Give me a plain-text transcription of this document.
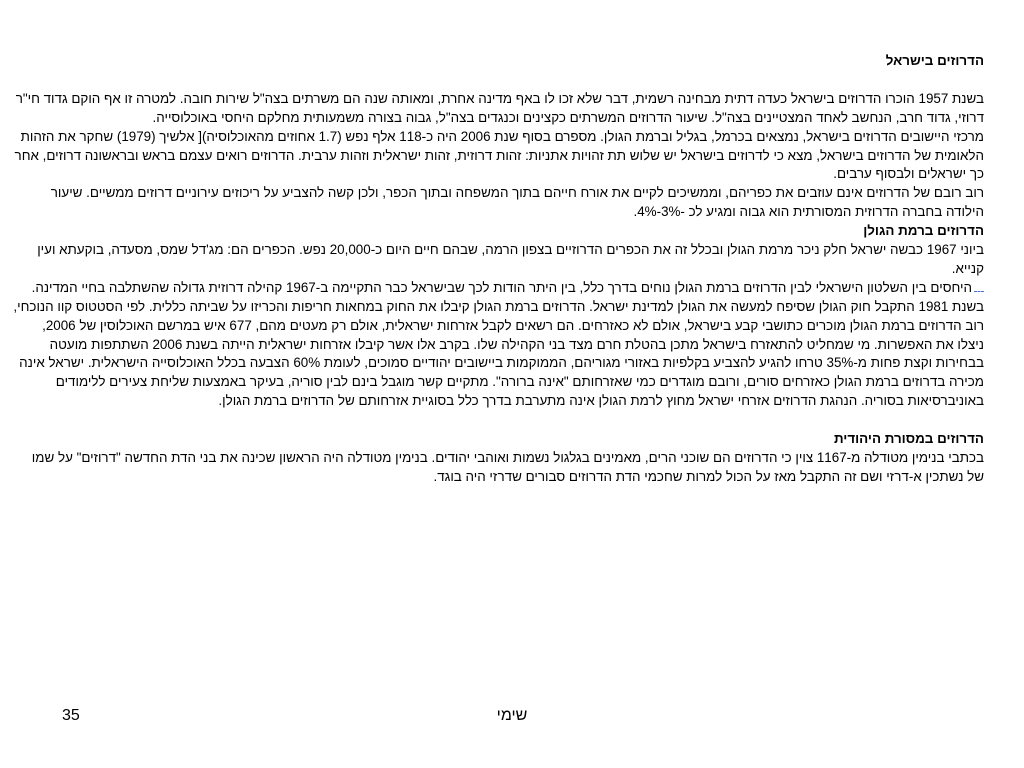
הדרוזים בישראל
בשנת 1957 הוכרו הדרוזים בישראל כעדה דתית מבחינה רשמית, דבר שלא זכו לו באף מדינה אחרת, ומאותה שנה הם משרתים בצה"ל שירות חובה. למטרה זו אף הוקם גדוד חי"ר דרוזי, גדוד חרב, הנחשב לאחד המצטיינים בצה"ל. שיעור הדרוזים המשרתים כקצינים וכנגדים בצה"ל, גבוה בצורה משמעותית מחלקם היחסי באוכלוסייה.
מרכזי היישובים הדרוזים בישראל, נמצאים בכרמל, בגליל וברמת הגולן. מספרם בסוף שנת 2006 היה כ-118 אלף נפש (1.7 אחוזים מהאוכלוסיה)[ אלשיך (1979) שחקר את הזהות הלאומית של הדרוזים בישראל, מצא כי לדרוזים בישראל יש שלוש תת זהויות אתניות: זהות דרוזית, זהות ישראלית וזהות ערבית. הדרוזים רואים עצמם בראש ובראשונה דרוזים, אחר כך ישראלים ולבסוף ערבים.
רוב רובם של הדרוזים אינם עוזבים את כפריהם, וממשיכים לקיים את אורח חייהם בתוך המשפחה ובתוך הכפר, ולכן קשה להצביע על ריכוזים עירוניים דרוזים ממשיים. שיעור הילודה בחברה הדרוזית המסורתית הוא גבוה ומגיע לכ -3%-4%.
הדרוזים ברמת הגולן
ביוני 1967 כבשה ישראל חלק ניכר מרמת הגולן ובכלל זה את הכפרים הדרוזיים בצפון הרמה, שבהם חיים היום כ-20,000 נפש. הכפרים הם: מג'דל שמס, מסעדה, בוקעתא ועין קנייא.
היחסים בין השלטון הישראלי לבין הדרוזים ברמת הגולן נוחים בדרך כלל, בין היתר הודות לכך שבישראל כבר התקיימה ב-1967 קהילה דרוזית גדולה שהשתלבה בחיי המדינה. בשנת 1981 התקבל חוק הגולן שסיפח למעשה את הגולן למדינת ישראל. הדרוזים ברמת הגולן קיבלו את החוק במחאות חריפות והכריזו על שביתה כללית. לפי הסטטוס קוו הנוכחי, רוב הדרוזים ברמת הגולן מוכרים כתושבי קבע בישראל, אולם לא כאזרחים. הם רשאים לקבל אזרחות ישראלית, אולם רק מעטים מהם, 677 איש במרשם האוכלוסין של 2006, ניצלו את האפשרות. מי שמחליט להתאזרח בישראל מתכן בהטלת חרם מצד בני הקהילה שלו. בקרב אלו אשר קיבלו אזרחות ישראלית הייתה בשנת 2006 השתתפות מועטה בבחירות וקצת פחות מ-35% טרחו להגיע להצביע בקלפיות באזורי מגוריהם, הממוקמות ביישובים יהודיים סמוכים, לעומת 60% הצבעה בכלל האוכלוסייה הישראלית. ישראל אינה מכירה בדרוזים ברמת הגולן כאזרחים סורים, ורובם מוגדרים כמי שאזרחותם "אינה ברורה". מתקיים קשר מוגבל בינם לבין סוריה, בעיקר באמצעות שליחת צעירים ללימודים באוניברסיאות בסוריה. הנהגת הדרוזים אזרחי ישראל מחוץ לרמת הגולן אינה מתערבת בדרך כלל בסוגיית אזרחותם של הדרוזים ברמת הגולן.
הדרוזים במסורת היהודית
בכתבי בנימין מטודלה מ-1167 צוין כי הדרוזים הם שוכני הרים, מאמינים בגלגול נשמות ואוהבי יהודים. בנימין מטודלה היה הראשון שכינה את בני הדת החדשה "דרוזים" על שמו של נשתכין א-דרזי ושם זה התקבל מאז על הכול למרות שחכמי הדת הדרוזים סבורים שדרזי היה בוגד.
שימי
35
